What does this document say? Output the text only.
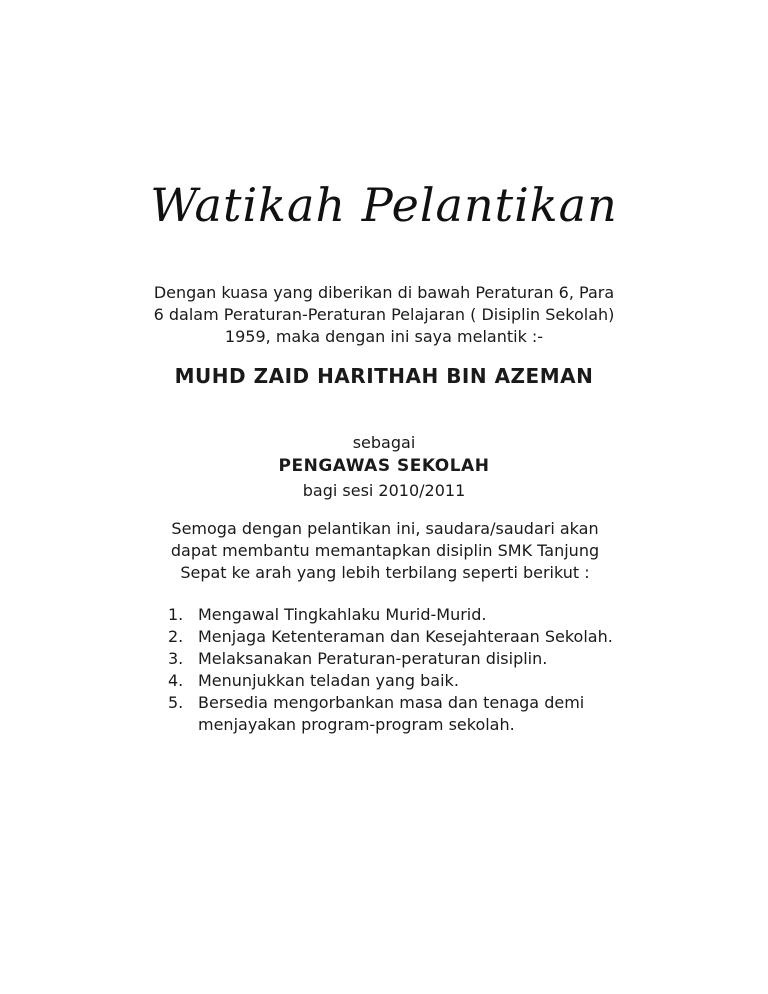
Watikah Pelantikan
Dengan kuasa yang diberikan di bawah Peraturan 6, Para 6 dalam Peraturan-Peraturan Pelajaran ( Disiplin Sekolah) 1959, maka dengan ini saya melantik :-
MUHD ZAID HARITHAH BIN AZEMAN
sebagai
PENGAWAS SEKOLAH
bagi sesi 2010/2011
Semoga dengan pelantikan ini, saudara/saudari akan dapat membantu memantapkan disiplin SMK Tanjung Sepat ke arah yang lebih terbilang seperti berikut :
1. Mengawal Tingkahlaku Murid-Murid.
2. Menjaga Ketenteraman dan Kesejahteraan Sekolah.
3. Melaksanakan Peraturan-peraturan disiplin.
4. Menunjukkan teladan yang baik.
5. Bersedia mengorbankan masa dan tenaga demi menjayakan program-program sekolah.
